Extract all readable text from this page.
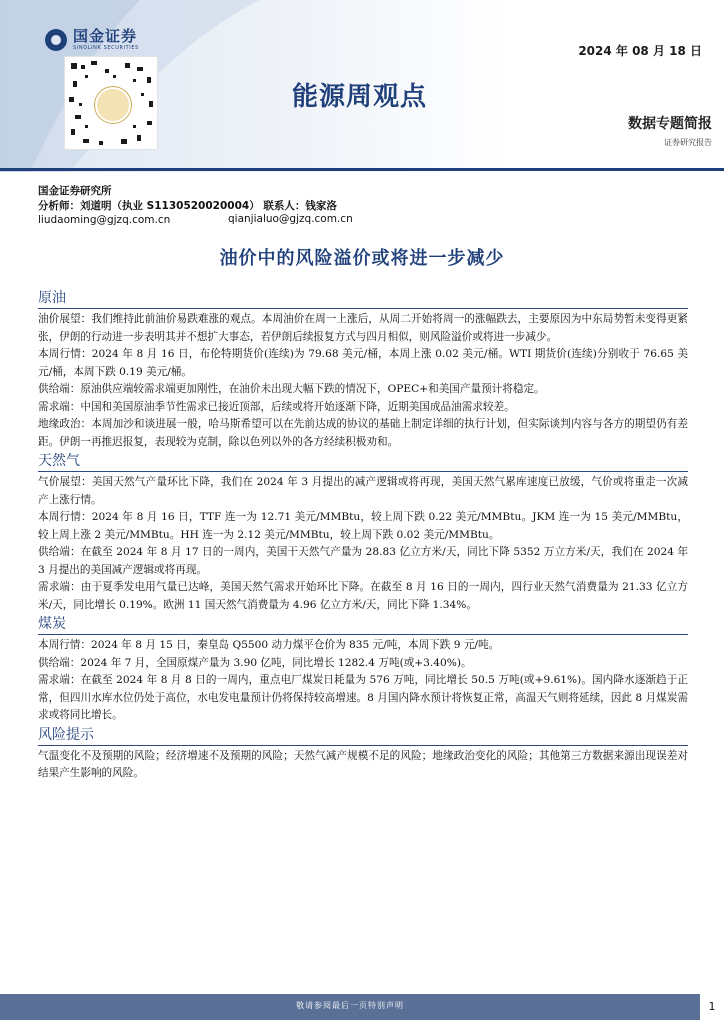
国金证券
SINOLINK SECURITIES	2024 年 08 月 18 日
能源周观点
数据专题简报
证券研究报告
国金证券研究所
分析师：刘道明（执业 S1130520020004） 联系人：钱家洛
liudaoming@gjzq.com.cn	qianjialuo@gjzq.com.cn
油价中的风险溢价或将进一步减少
原油

油价展望：我们维持此前油价易跌难涨的观点。本周油价在周一上涨后，从周二开始将周一的涨幅跌去，主要原因为中东局势暂未变得更紧张，伊朗的行动进一步表明其并不想扩大事态，若伊朗后续报复方式与四月相似，则风险溢价或将进一步减少。

本周行情：2024 年 8 月 16 日，布伦特期货价(连续)为 79.68 美元/桶，本周上涨 0.02 美元/桶。WTI 期货价(连续)分别收于 76.65 美元/桶，本周下跌 0.19 美元/桶。

供给端：原油供应端较需求端更加刚性，在油价未出现大幅下跌的情况下，OPEC+和美国产量预计将稳定。

需求端：中国和美国原油季节性需求已接近顶部，后续或将开始逐渐下降，近期美国成品油需求较差。

地缘政治：本周加沙和谈进展一般，哈马斯希望可以在先前达成的协议的基础上制定详细的执行计划，但实际谈判内容与各方的期望仍有差距。伊朗一再推迟报复，表现较为克制，除以色列以外的各方经续积极劝和。

天然气

气价展望：美国天然气产量环比下降，我们在 2024 年 3 月提出的减产逻辑或将再现，美国天然气累库速度已放缓，气价或将重走一次减产上涨行情。

本周行情：2024 年 8 月 16 日，TTF 连一为 12.71 美元/MMBtu，较上周下跌 0.22 美元/MMBtu。JKM 连一为 15 美元/MMBtu，较上周上涨 2 美元/MMBtu。HH 连一为 2.12 美元/MMBtu，较上周下跌 0.02 美元/MMBtu。

供给端：在截至 2024 年 8 月 17 日的一周内，美国干天然气产量为 28.83 亿立方米/天，同比下降 5352 万立方米/天，我们在 2024 年 3 月提出的美国减产逻辑或将再现。

需求端：由于夏季发电用气量已达峰，美国天然气需求开始环比下降。在截至 8 月 16 日的一周内，四行业天然气消费量为 21.33 亿立方米/天，同比增长 0.19%。欧洲 11 国天然气消费量为 4.96 亿立方米/天，同比下降 1.34%。

煤炭

本周行情：2024 年 8 月 15 日，秦皇岛 Q5500 动力煤平仓价为 835 元/吨，本周下跌 9 元/吨。

供给端：2024 年 7 月，全国原煤产量为 3.90 亿吨，同比增长 1282.4 万吨(或+3.40%)。

需求端：在截至 2024 年 8 月 8 日的一周内，重点电厂煤炭日耗量为 576 万吨，同比增长 50.5 万吨(或+9.61%)。国内降水逐渐趋于正常，但四川水库水位仍处于高位，水电发电量预计仍将保持较高增速。8 月国内降水预计将恢复正常，高温天气则将延续，因此 8 月煤炭需求或将同比增长。

风险提示

气温变化不及预期的风险；经济增速不及预期的风险；天然气减产规模不足的风险；地缘政治变化的风险；其他第三方数据来源出现误差对结果产生影响的风险。

敬请参阅最后一页特别声明	1
